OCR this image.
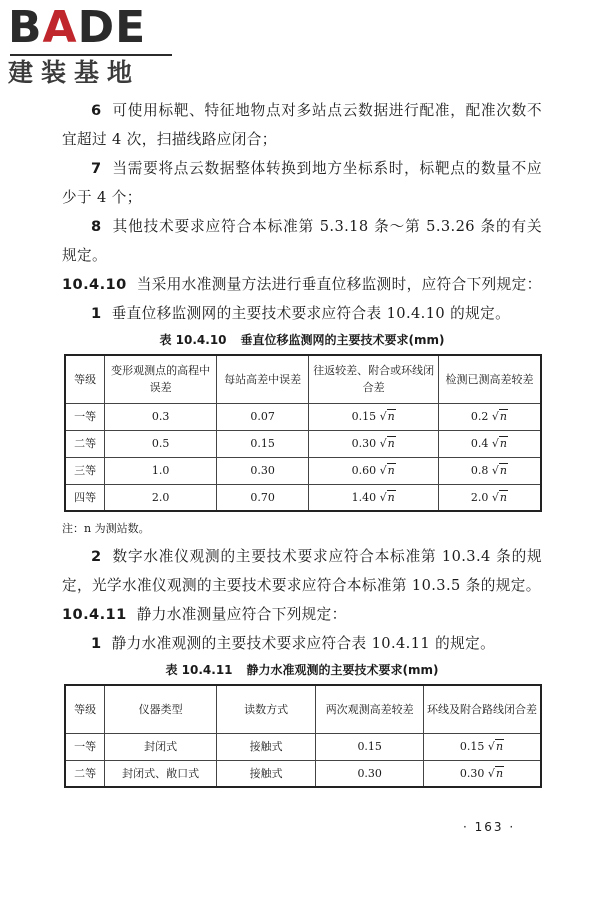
BADE
建装基地

6 可使用标靶、特征地物点对多站点云数据进行配准，配准次数不宜超过 4 次，扫描线路应闭合；

7 当需要将点云数据整体转换到地方坐标系时，标靶点的数量不应少于 4 个；

8 其他技术要求应符合本标准第 5.3.18 条～第 5.3.26 条的有关规定。

10.4.10 当采用水准测量方法进行垂直位移监测时，应符合下列规定：

1 垂直位移监测网的主要技术要求应符合表 10.4.10 的规定。

表 10.4.10 垂直位移监测网的主要技术要求(mm)
等级	变形观测点的高程中误差	每站高差中误差	往返较差、附合或环线闭合差	检测已测高差较差
一等	0.3	0.07	0.15 √n	0.2 √n
二等	0.5	0.15	0.30 √n	0.4 √n
三等	1.0	0.30	0.60 √n	0.8 √n
四等	2.0	0.70	1.40 √n	2.0 √n
注：n 为测站数。

2 数字水准仪观测的主要技术要求应符合本标准第 10.3.4 条的规定，光学水准仪观测的主要技术要求应符合本标准第 10.3.5 条的规定。

10.4.11 静力水准测量应符合下列规定：

1 静力水准观测的主要技术要求应符合表 10.4.11 的规定。

表 10.4.11 静力水准观测的主要技术要求(mm)
等级	仪器类型	读数方式	两次观测高差较差	环线及附合路线闭合差
一等	封闭式	接触式	0.15	0.15 √n
二等	封闭式、敞口式	接触式	0.30	0.30 √n
· 163 ·
